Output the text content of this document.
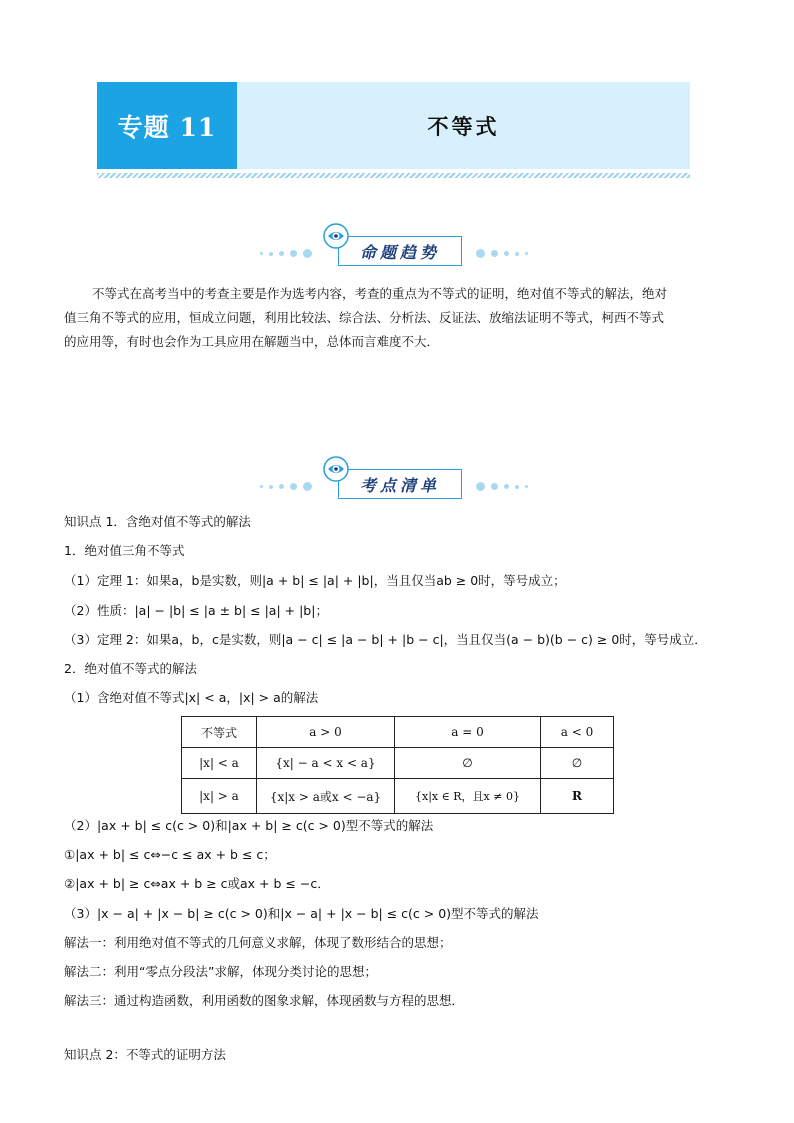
专题 11	不等式
命题趋势
不等式在高考当中的考查主要是作为选考内容，考查的重点为不等式的证明，绝对值不等式的解法，绝对
值三角不等式的应用，恒成立问题，利用比较法、综合法、分析法、反证法、放缩法证明不等式，柯西不等式
的应用等，有时也会作为工具应用在解题当中，总体而言难度不大．
考点清单
知识点 1．含绝对值不等式的解法
1．绝对值三角不等式
（1）定理 1：如果a，b是实数，则|a + b| ≤ |a| + |b|，当且仅当ab ≥ 0时，等号成立；
（2）性质：|a| − |b| ≤ |a ± b| ≤ |a| + |b|；
（3）定理 2：如果a，b，c是实数，则|a − c| ≤ |a − b| + |b − c|，当且仅当(a − b)(b − c) ≥ 0时，等号成立．
2．绝对值不等式的解法
（1）含绝对值不等式|x| < a，|x| > a的解法
不等式	a > 0	a = 0	a < 0
|x| < a	{x| − a < x < a}	∅	∅
|x| > a	{x|x > a或x < −a}	{x|x ∈ R，且x ≠ 0}	R
（2）|ax + b| ≤ c(c > 0)和|ax + b| ≥ c(c > 0)型不等式的解法
①|ax + b| ≤ c⇔−c ≤ ax + b ≤ c；
②|ax + b| ≥ c⇔ax + b ≥ c或ax + b ≤ −c．
（3）|x − a| + |x − b| ≥ c(c > 0)和|x − a| + |x − b| ≤ c(c > 0)型不等式的解法
解法一：利用绝对值不等式的几何意义求解，体现了数形结合的思想；
解法二：利用“零点分段法”求解，体现分类讨论的思想；
解法三：通过构造函数，利用函数的图象求解，体现函数与方程的思想．
知识点 2：不等式的证明方法
